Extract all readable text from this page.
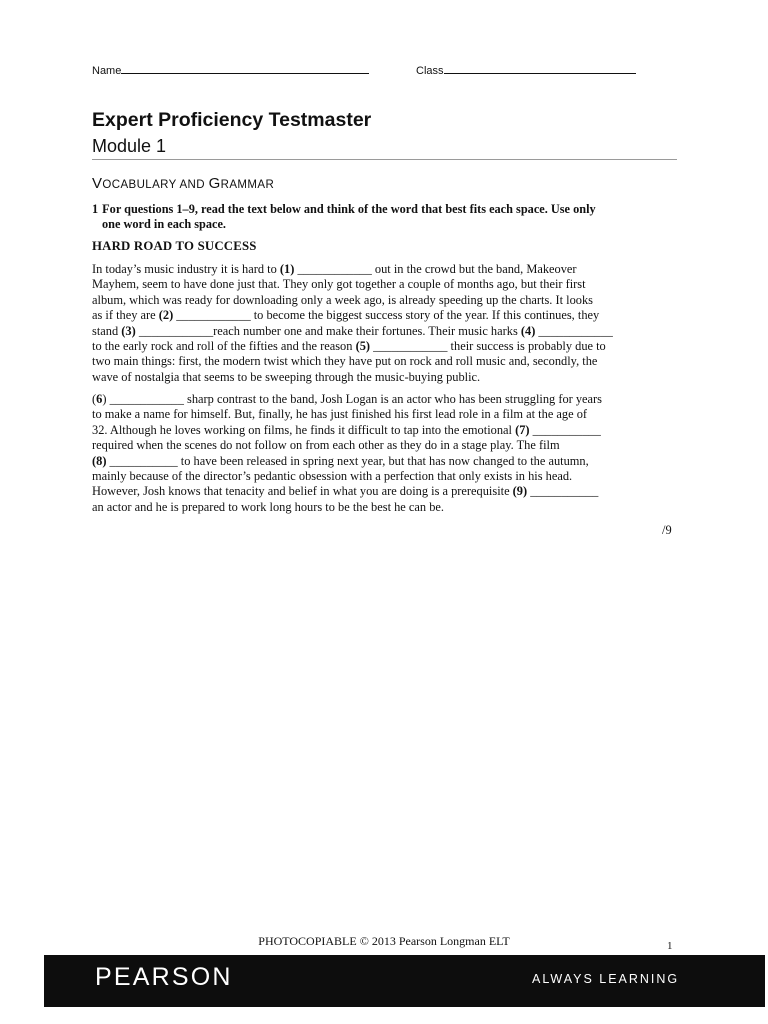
Name	Class
Expert Proficiency Testmaster
Module 1
VOCABULARY AND GRAMMAR
1 For questions 1–9, read the text below and think of the word that best fits each space. Use only
one word in each space.
HARD ROAD TO SUCCESS
In today’s music industry it is hard to (1) ____________ out in the crowd but the band, Makeover
Mayhem, seem to have done just that. They only got together a couple of months ago, but their first
album, which was ready for downloading only a week ago, is already speeding up the charts. It looks
as if they are (2) ____________ to become the biggest success story of the year. If this continues, they
stand (3) ____________reach number one and make their fortunes. Their music harks (4) ____________
to the early rock and roll of the fifties and the reason (5) ____________ their success is probably due to
two main things: first, the modern twist which they have put on rock and roll music and, secondly, the
wave of nostalgia that seems to be sweeping through the music-buying public.
(6) ____________ sharp contrast to the band, Josh Logan is an actor who has been struggling for years
to make a name for himself. But, finally, he has just finished his first lead role in a film at the age of
32. Although he loves working on films, he finds it difficult to tap into the emotional (7) ___________
required when the scenes do not follow on from each other as they do in a stage play. The film
(8) ___________ to have been released in spring next year, but that has now changed to the autumn,
mainly because of the director’s pedantic obsession with a perfection that only exists in his head.
However, Josh knows that tenacity and belief in what you are doing is a prerequisite (9) ___________
an actor and he is prepared to work long hours to be the best he can be.
/9
PHOTOCOPIABLE © 2013 Pearson Longman ELT	1
PEARSON	ALWAYS LEARNING
